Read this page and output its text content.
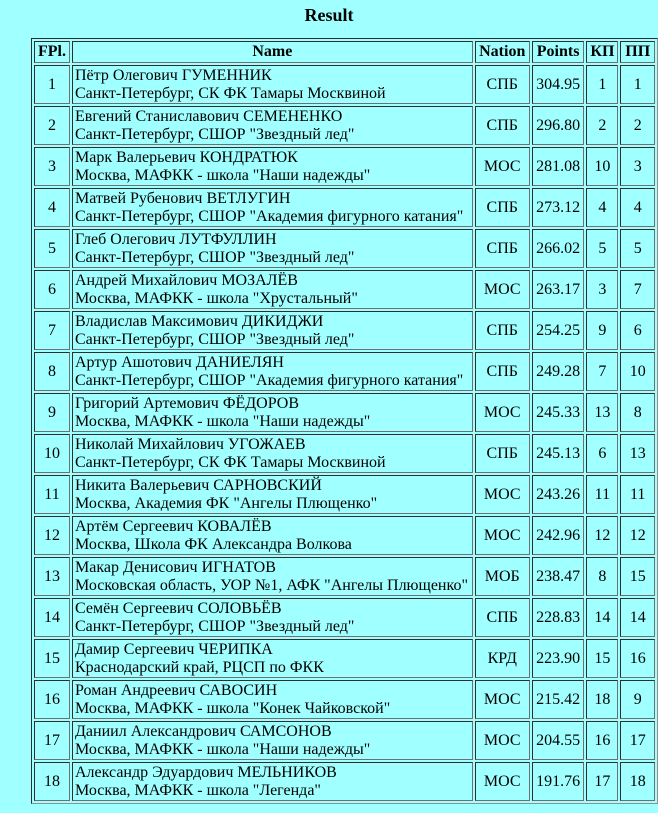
Result
FPl.	Name	Nation	Points	КП	ПП
1	Пётр Олегович ГУМЕННИК
Санкт-Петербург, СК ФК Тамары Москвиной	СПБ	304.95	1	1
2	Евгений Станиславович СЕМЕНЕНКО
Санкт-Петербург, СШОР "Звездный лед"	СПБ	296.80	2	2
3	Марк Валерьевич КОНДРАТЮК
Москва, МАФКК - школа "Наши надежды"	МОС	281.08	10	3
4	Матвей Рубенович ВЕТЛУГИН
Санкт-Петербург, СШОР "Академия фигурного катания"	СПБ	273.12	4	4
5	Глеб Олегович ЛУТФУЛЛИН
Санкт-Петербург, СШОР "Звездный лед"	СПБ	266.02	5	5
6	Андрей Михайлович МОЗАЛЁВ
Москва, МАФКК - школа "Хрустальный"	МОС	263.17	3	7
7	Владислав Максимович ДИКИДЖИ
Санкт-Петербург, СШОР "Звездный лед"	СПБ	254.25	9	6
8	Артур Ашотович ДАНИЕЛЯН
Санкт-Петербург, СШОР "Академия фигурного катания"	СПБ	249.28	7	10
9	Григорий Артемович ФЁДОРОВ
Москва, МАФКК - школа "Наши надежды"	МОС	245.33	13	8
10	Николай Михайлович УГОЖАЕВ
Санкт-Петербург, СК ФК Тамары Москвиной	СПБ	245.13	6	13
11	Никита Валерьевич САРНОВСКИЙ
Москва, Академия ФК "Ангелы Плющенко"	МОС	243.26	11	11
12	Артём Сергеевич КОВАЛЁВ
Москва, Школа ФК Александра Волкова	МОС	242.96	12	12
13	Макар Денисович ИГНАТОВ
Московская область, УОР №1, АФК "Ангелы Плющенко"	МОБ	238.47	8	15
14	Семён Сергеевич СОЛОВЬЁВ
Санкт-Петербург, СШОР "Звездный лед"	СПБ	228.83	14	14
15	Дамир Сергеевич ЧЕРИПКА
Краснодарский край, РЦСП по ФКК	КРД	223.90	15	16
16	Роман Андреевич САВОСИН
Москва, МАФКК - школа "Конек Чайковской"	МОС	215.42	18	9
17	Даниил Александрович САМСОНОВ
Москва, МАФКК - школа "Наши надежды"	МОС	204.55	16	17
18	Александр Эдуардович МЕЛЬНИКОВ
Москва, МАФКК - школа "Легенда"	МОС	191.76	17	18
